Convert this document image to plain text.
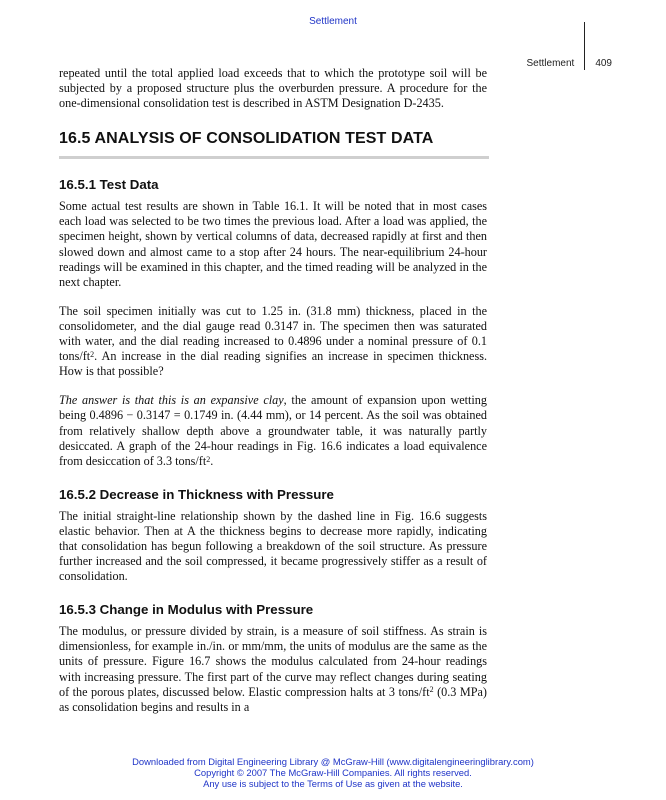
Settlement
Settlement 409

repeated until the total applied load exceeds that to which the prototype soil will be subjected by a proposed structure plus the overburden pressure. A procedure for the one-dimensional consolidation test is described in ASTM Designation D-2435.

16.5 ANALYSIS OF CONSOLIDATION TEST DATA
16.5.1 Test Data

Some actual test results are shown in Table 16.1. It will be noted that in most cases each load was selected to be two times the previous load. After a load was applied, the specimen height, shown by vertical columns of data, decreased rapidly at first and then slowed down and almost came to a stop after 24 hours. The near-equilibrium 24-hour readings will be examined in this chapter, and the timed reading will be analyzed in the next chapter.

The soil specimen initially was cut to 1.25 in. (31.8 mm) thickness, placed in the consolidometer, and the dial gauge read 0.3147 in. The specimen then was saturated with water, and the dial reading increased to 0.4896 under a nominal pressure of 0.1 tons/$ft^2$. An increase in the dial reading signifies an increase in specimen thickness. How is that possible?

The answer is that this is an expansive clay, the amount of expansion upon wetting being 0.4896 − 0.3147 = 0.1749 in. (4.44 mm), or 14 percent. As the soil was obtained from relatively shallow depth above a groundwater table, it was naturally partly desiccated. A graph of the 24-hour readings in Fig. 16.6 indicates a load equivalence from desiccation of 3.3 tons/$ft^2$.

16.5.2 Decrease in Thickness with Pressure

The initial straight-line relationship shown by the dashed line in Fig. 16.6 suggests elastic behavior. Then at A the thickness begins to decrease more rapidly, indicating that consolidation has begun following a breakdown of the soil structure. As pressure further increased and the soil compressed, it became progressively stiffer as a result of consolidation.

16.5.3 Change in Modulus with Pressure

The modulus, or pressure divided by strain, is a measure of soil stiffness. As strain is dimensionless, for example in./in. or mm/mm, the units of modulus are the same as the units of pressure. Figure 16.7 shows the modulus calculated from 24-hour readings with increasing pressure. The first part of the curve may reflect changes during seating of the porous plates, discussed below. Elastic compression halts at 3 tons/$ft^2$ (0.3 MPa) as consolidation begins and results in a

Downloaded from Digital Engineering Library @ McGraw-Hill (www.digitalengineeringlibrary.com)
Copyright © 2007 The McGraw-Hill Companies. All rights reserved.
Any use is subject to the Terms of Use as given at the website.
